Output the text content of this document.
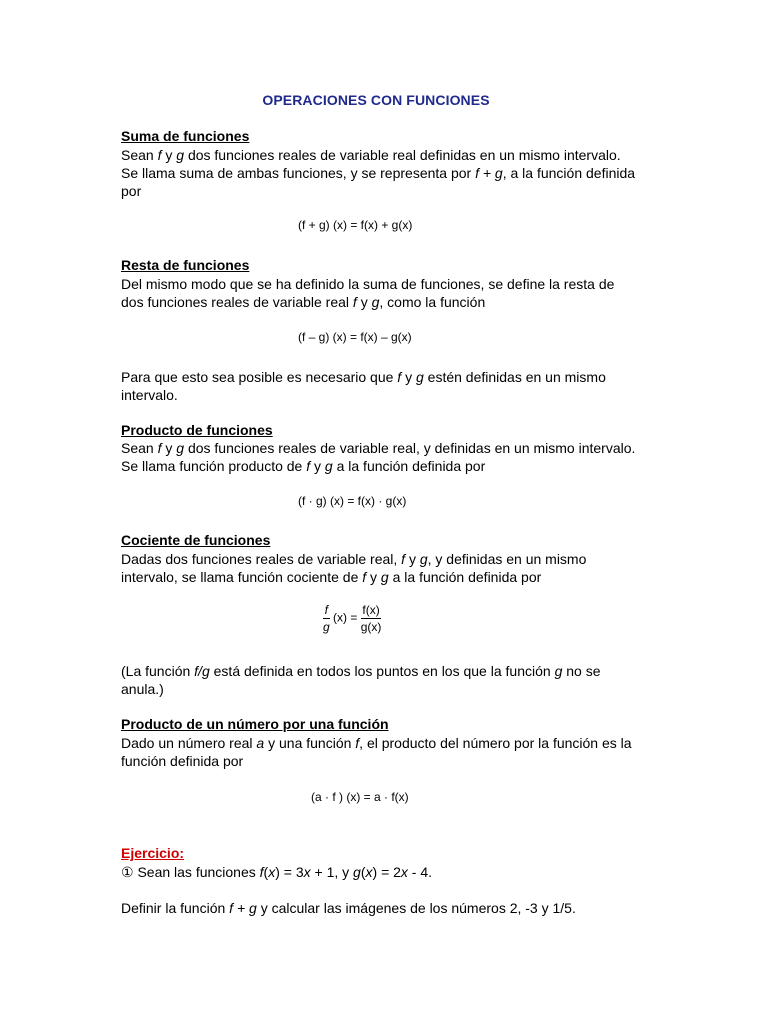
OPERACIONES CON FUNCIONES
Suma de funciones

Sean f y g dos funciones reales de variable real definidas en un mismo intervalo. Se llama suma de ambas funciones, y se representa por f + g, a la función definida por

(f + g) (x) = f(x) + g(x)
Resta de funciones

Del mismo modo que se ha definido la suma de funciones, se define la resta de dos funciones reales de variable real f y g, como la función

(f – g) (x) = f(x) – g(x)

Para que esto sea posible es necesario que f y g estén definidas en un mismo intervalo.

Producto de funciones

Sean f y g dos funciones reales de variable real, y definidas en un mismo intervalo. Se llama función producto de f y g a la función definida por

(f · g) (x) = f(x) · g(x)
Cociente de funciones

Dadas dos funciones reales de variable real, f y g, y definidas en un mismo intervalo, se llama función cociente de f y g a la función definida por

$\frac{f}{g} (x) = \frac{f(x)}{g(x)}$

(La función f/g está definida en todos los puntos en los que la función g no se anula.)

Producto de un número por una función

Dado un número real a y una función f, el producto del número por la función es la función definida por

(a · f ) (x) = a · f(x)
Ejercicio:

① Sean las funciones f(x) = 3x + 1, y g(x) = 2x - 4.

Definir la función f + g y calcular las imágenes de los números 2, -3 y 1/5.
